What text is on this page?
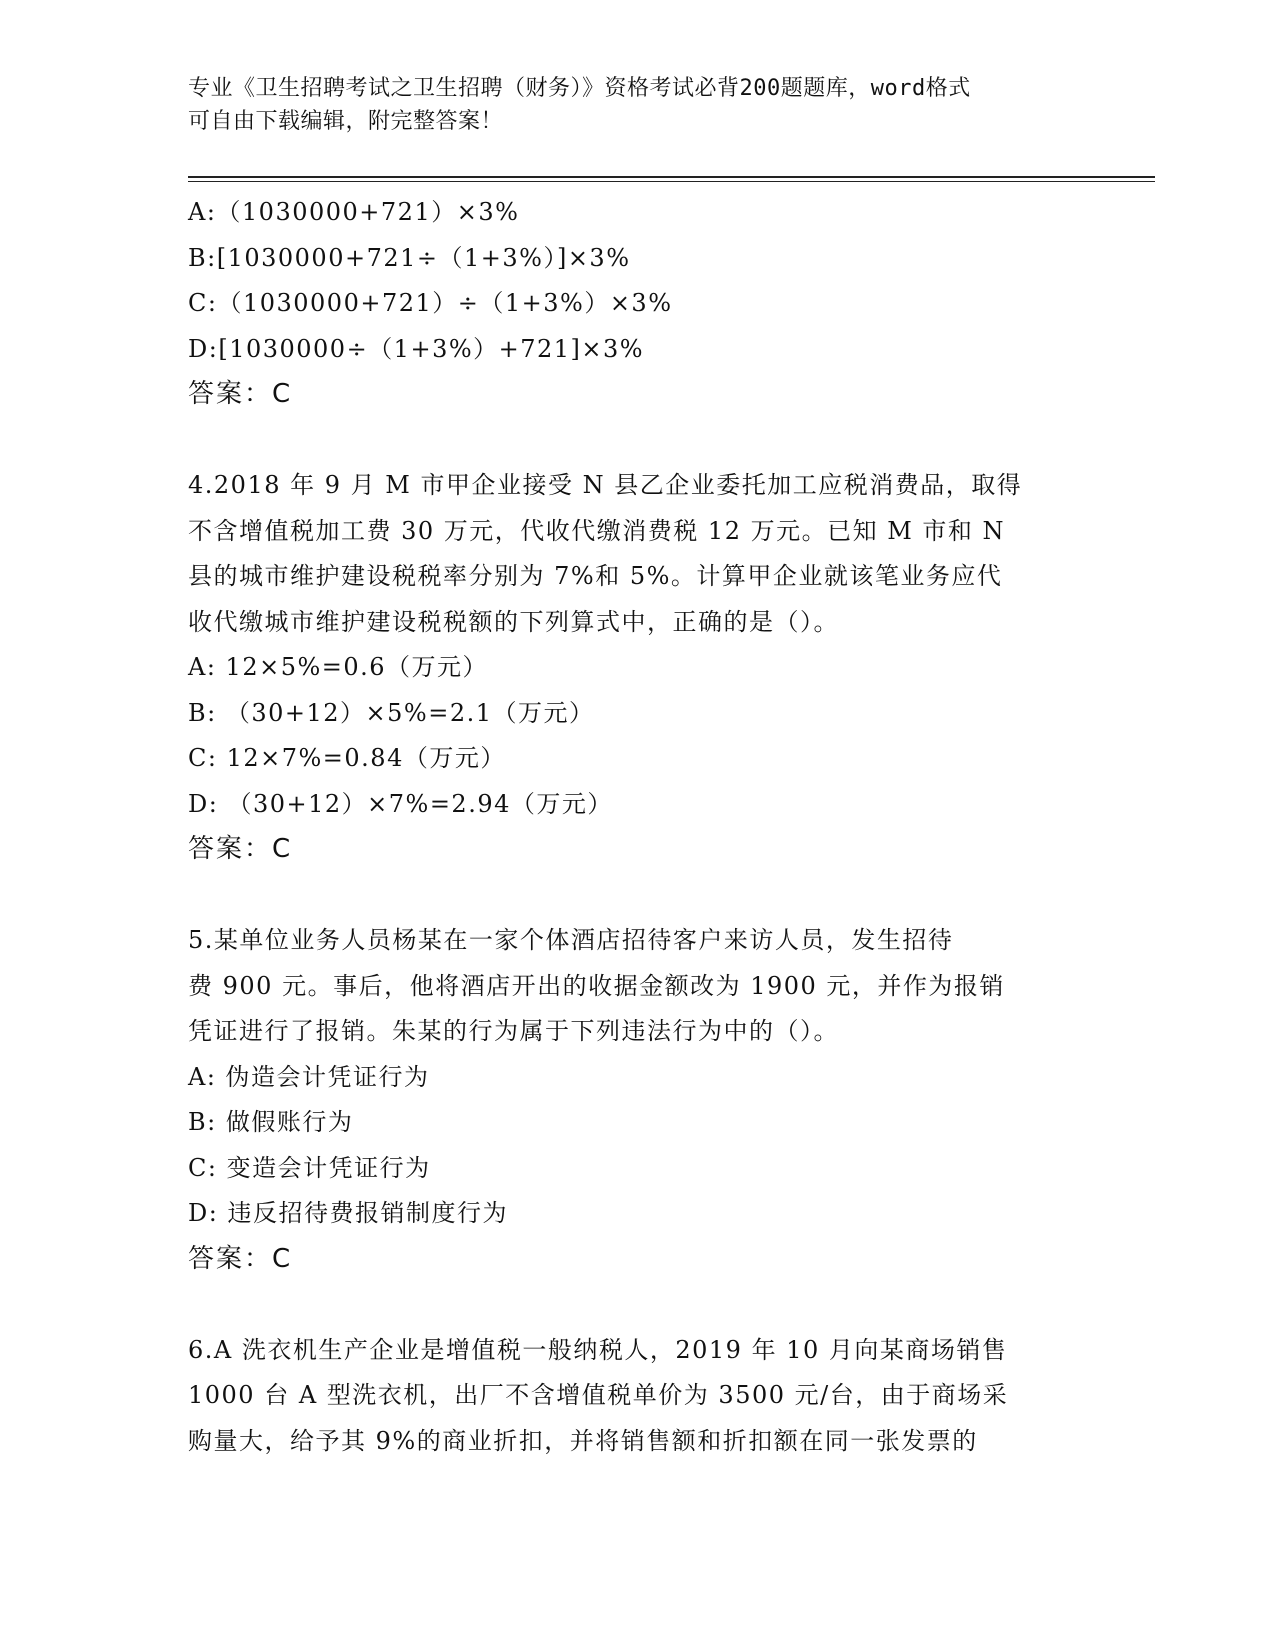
专业《卫生招聘考试之卫生招聘（财务）》资格考试必背200题题库，word格式
可自由下载编辑，附完整答案！
A:（1030000+721）×3%
B:[1030000+721÷（1+3%）]×3%
C:（1030000+721）÷（1+3%）×3%
D:[1030000÷（1+3%）+721]×3%
答案：C
4.2018 年 9 月 M 市甲企业接受 N 县乙企业委托加工应税消费品，取得
不含增值税加工费 30 万元，代收代缴消费税 12 万元。已知 M 市和 N
县的城市维护建设税税率分别为 7%和 5%。计算甲企业就该笔业务应代
收代缴城市维护建设税税额的下列算式中，正确的是（）。
A: 12×5%=0.6（万元）
B: （30+12）×5%=2.1（万元）
C: 12×7%=0.84（万元）
D: （30+12）×7%=2.94（万元）
答案：C
5.某单位业务人员杨某在一家个体酒店招待客户来访人员，发生招待
费 900 元。事后，他将酒店开出的收据金额改为 1900 元，并作为报销
凭证进行了报销。朱某的行为属于下列违法行为中的（）。
A: 伪造会计凭证行为
B: 做假账行为
C: 变造会计凭证行为
D: 违反招待费报销制度行为
答案：C
6.A 洗衣机生产企业是增值税一般纳税人，2019 年 10 月向某商场销售
1000 台 A 型洗衣机，出厂不含增值税单价为 3500 元/台，由于商场采
购量大，给予其 9%的商业折扣，并将销售额和折扣额在同一张发票的
